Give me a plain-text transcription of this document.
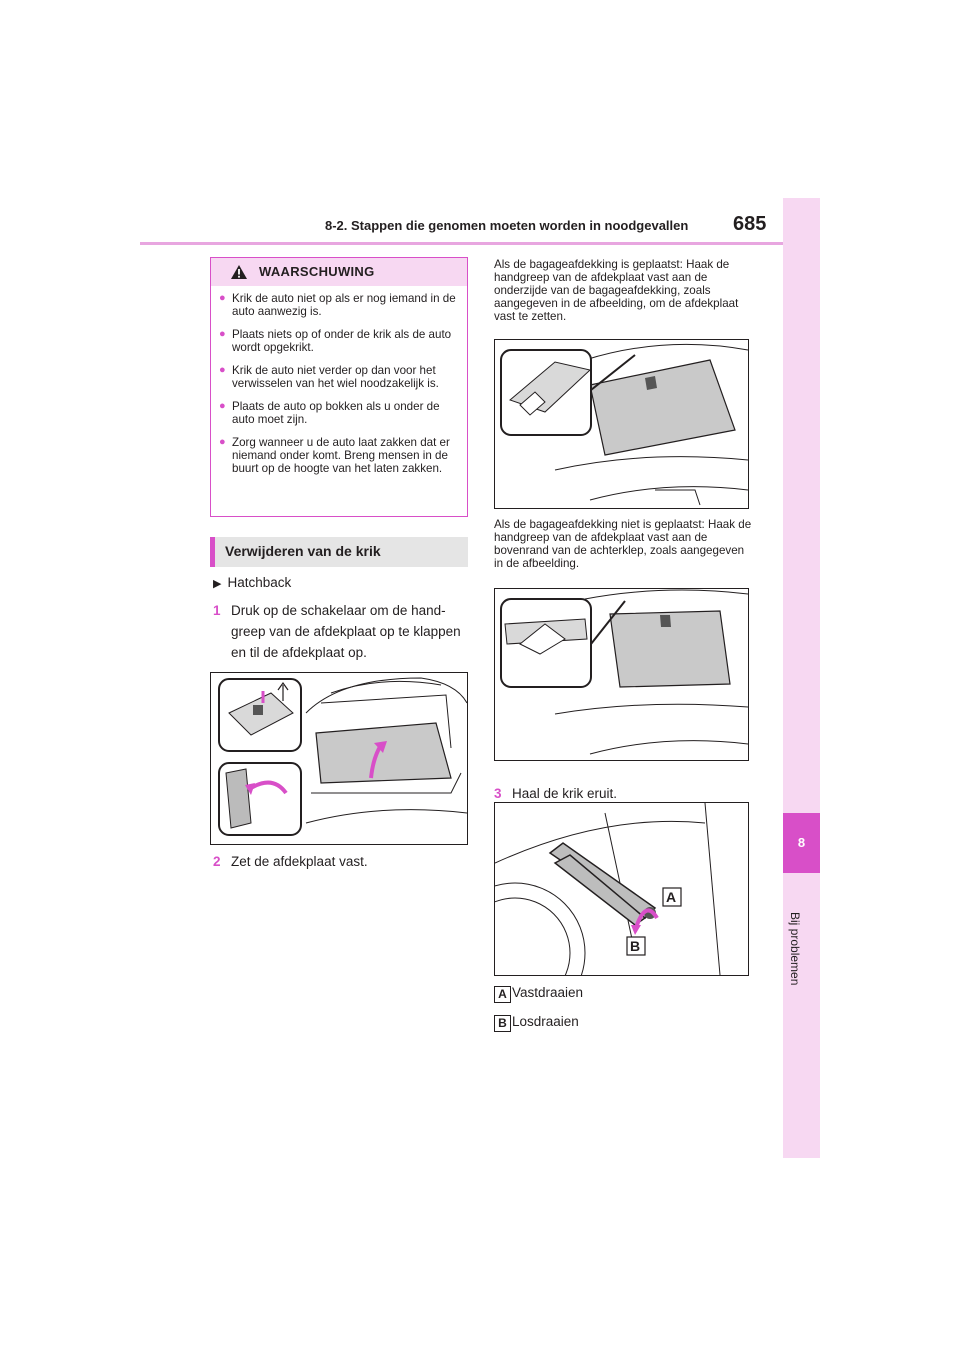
8-2. Stappen die genomen moeten worden in noodgevallen 685
8
Bij problemen
WAARSCHUWING
● Krik de auto niet op als er nog iemand in de auto aanwezig is.
● Plaats niets op of onder de krik als de auto wordt opgekrikt.
● Krik de auto niet verder op dan voor het verwisselen van het wiel noodzakelijk is.
● Plaats de auto op bokken als u onder de auto moet zijn.
● Zorg wanneer u de auto laat zakken dat er niemand onder komt. Breng mensen in de buurt op de hoogte van het laten zakken.
Verwijderen van de krik
▶ Hatchback
1 Druk op de schakelaar om de handgreep van de afdekplaat op te klappen en til de afdekplaat op.
2 Zet de afdekplaat vast.
Als de bagageafdekking is geplaatst: Haak de handgreep van de afdekplaat vast aan de onderzijde van de bagageafdekking, zoals aangegeven in de afbeelding, om de afdekplaat vast te zetten.
Als de bagageafdekking niet is geplaatst: Haak de handgreep van de afdekplaat vast aan de bovenrand van de achterklep, zoals aangegeven in de afbeelding.
3 Haal de krik eruit.
A
B
A Vastdraaien
B Losdraaien
